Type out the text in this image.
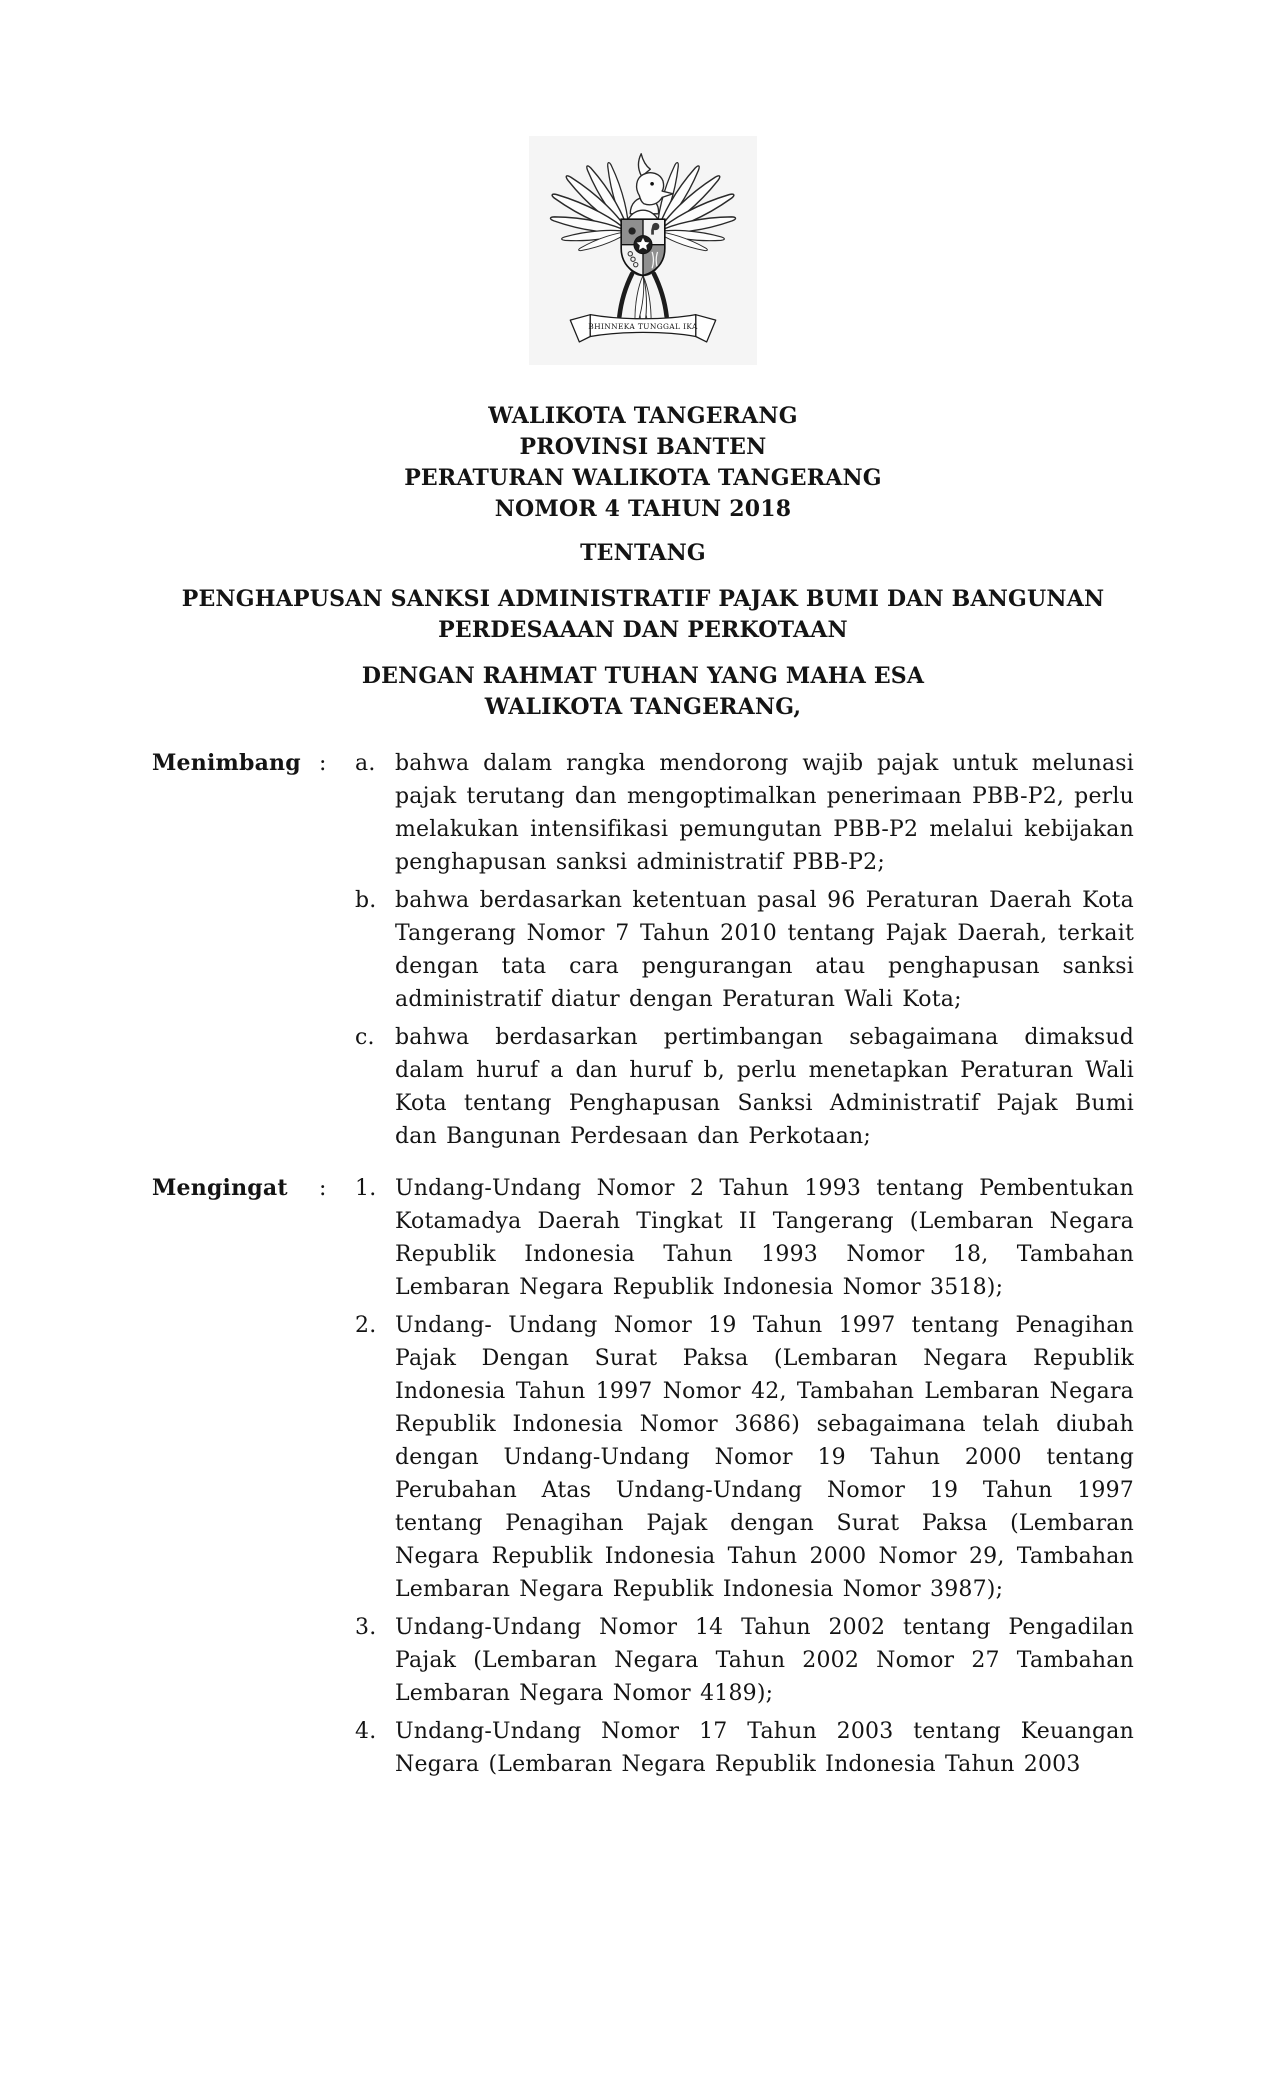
BHINNEKA TUNGGAL IKA
WALIKOTA TANGERANG
PROVINSI BANTEN
PERATURAN WALIKOTA TANGERANG
NOMOR 4 TAHUN 2018
TENTANG
PENGHAPUSAN SANKSI ADMINISTRATIF PAJAK BUMI DAN BANGUNAN
PERDESAAAN DAN PERKOTAAN
DENGAN RAHMAT TUHAN YANG MAHA ESA
WALIKOTA TANGERANG,
Menimbang :	a. bahwa dalam rangka mendorong wajib pajak untuk melunasi pajak terutang dan mengoptimalkan penerimaan PBB-P2, perlu melakukan intensifikasi pemungutan PBB-P2 melalui kebijakan penghapusan sanksi administratif PBB-P2;
b. bahwa berdasarkan ketentuan pasal 96 Peraturan Daerah Kota Tangerang Nomor 7 Tahun 2010 tentang Pajak Daerah, terkait dengan tata cara pengurangan atau penghapusan sanksi administratif diatur dengan Peraturan Wali Kota;
c. bahwa berdasarkan pertimbangan sebagaimana dimaksud dalam huruf a dan huruf b, perlu menetapkan Peraturan Wali Kota tentang Penghapusan Sanksi Administratif Pajak Bumi dan Bangunan Perdesaan dan Perkotaan;
Mengingat	:	1. Undang-Undang Nomor 2 Tahun 1993 tentang Pembentukan Kotamadya Daerah Tingkat II Tangerang (Lembaran Negara Republik Indonesia Tahun 1993 Nomor 18, Tambahan Lembaran Negara Republik Indonesia Nomor 3518);
2. Undang- Undang Nomor 19 Tahun 1997 tentang Penagihan Pajak Dengan Surat Paksa (Lembaran Negara Republik Indonesia Tahun 1997 Nomor 42, Tambahan Lembaran Negara Republik Indonesia Nomor 3686) sebagaimana telah diubah dengan Undang-Undang Nomor 19 Tahun 2000 tentang Perubahan Atas Undang-Undang Nomor 19 Tahun 1997 tentang Penagihan Pajak dengan Surat Paksa (Lembaran Negara Republik Indonesia Tahun 2000 Nomor 29, Tambahan Lembaran Negara Republik Indonesia Nomor 3987);
3. Undang-Undang Nomor 14 Tahun 2002 tentang Pengadilan Pajak (Lembaran Negara Tahun 2002 Nomor 27 Tambahan Lembaran Negara Nomor 4189);
4. Undang-Undang Nomor 17 Tahun 2003 tentang Keuangan Negara (Lembaran Negara Republik Indonesia Tahun 2003
